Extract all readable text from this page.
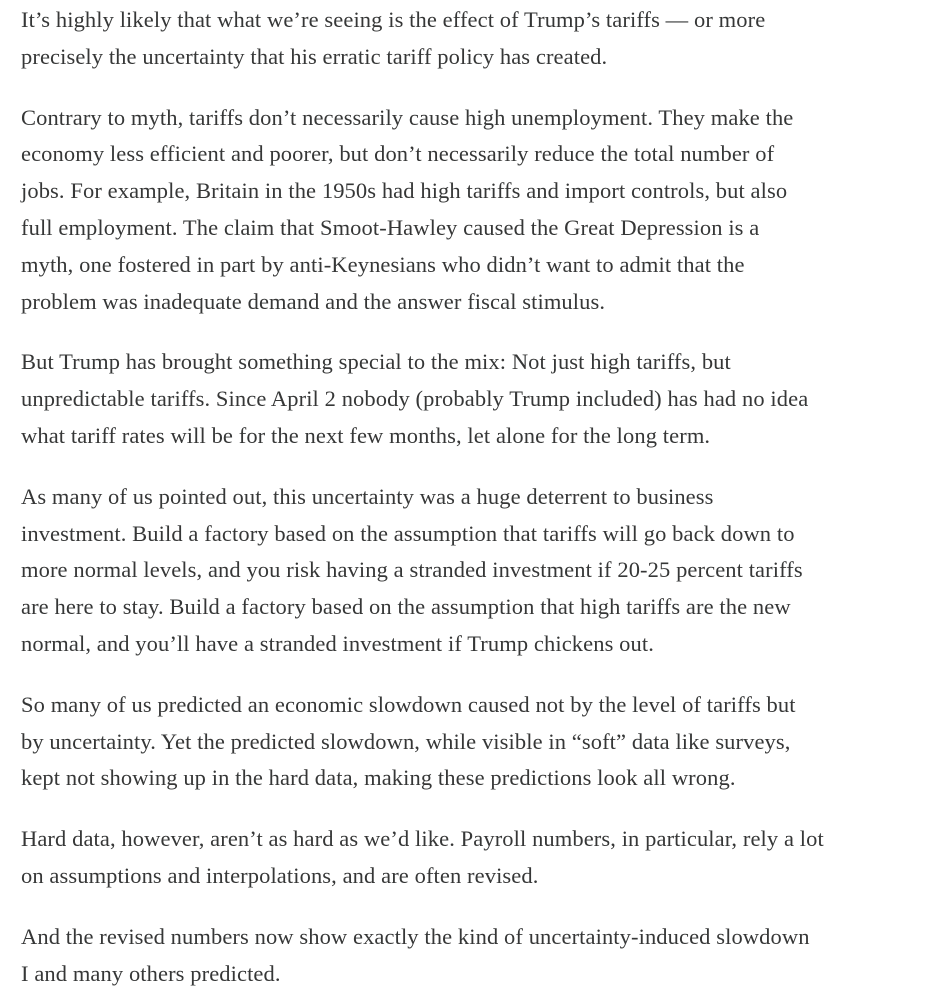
It’s highly likely that what we’re seeing is the effect of Trump’s tariffs — or more
precisely the uncertainty that his erratic tariff policy has created.

Contrary to myth, tariffs don’t necessarily cause high unemployment. They make the
economy less efficient and poorer, but don’t necessarily reduce the total number of
jobs. For example, Britain in the 1950s had high tariffs and import controls, but also
full employment. The claim that Smoot-Hawley caused the Great Depression is a
myth, one fostered in part by anti-Keynesians who didn’t want to admit that the
problem was inadequate demand and the answer fiscal stimulus.

But Trump has brought something special to the mix: Not just high tariffs, but
unpredictable tariffs. Since April 2 nobody (probably Trump included) has had no idea
what tariff rates will be for the next few months, let alone for the long term.

As many of us pointed out, this uncertainty was a huge deterrent to business
investment. Build a factory based on the assumption that tariffs will go back down to
more normal levels, and you risk having a stranded investment if 20-25 percent tariffs
are here to stay. Build a factory based on the assumption that high tariffs are the new
normal, and you’ll have a stranded investment if Trump chickens out.

So many of us predicted an economic slowdown caused not by the level of tariffs but
by uncertainty. Yet the predicted slowdown, while visible in “soft” data like surveys,
kept not showing up in the hard data, making these predictions look all wrong.

Hard data, however, aren’t as hard as we’d like. Payroll numbers, in particular, rely a lot
on assumptions and interpolations, and are often revised.

And the revised numbers now show exactly the kind of uncertainty-induced slowdown
I and many others predicted.
